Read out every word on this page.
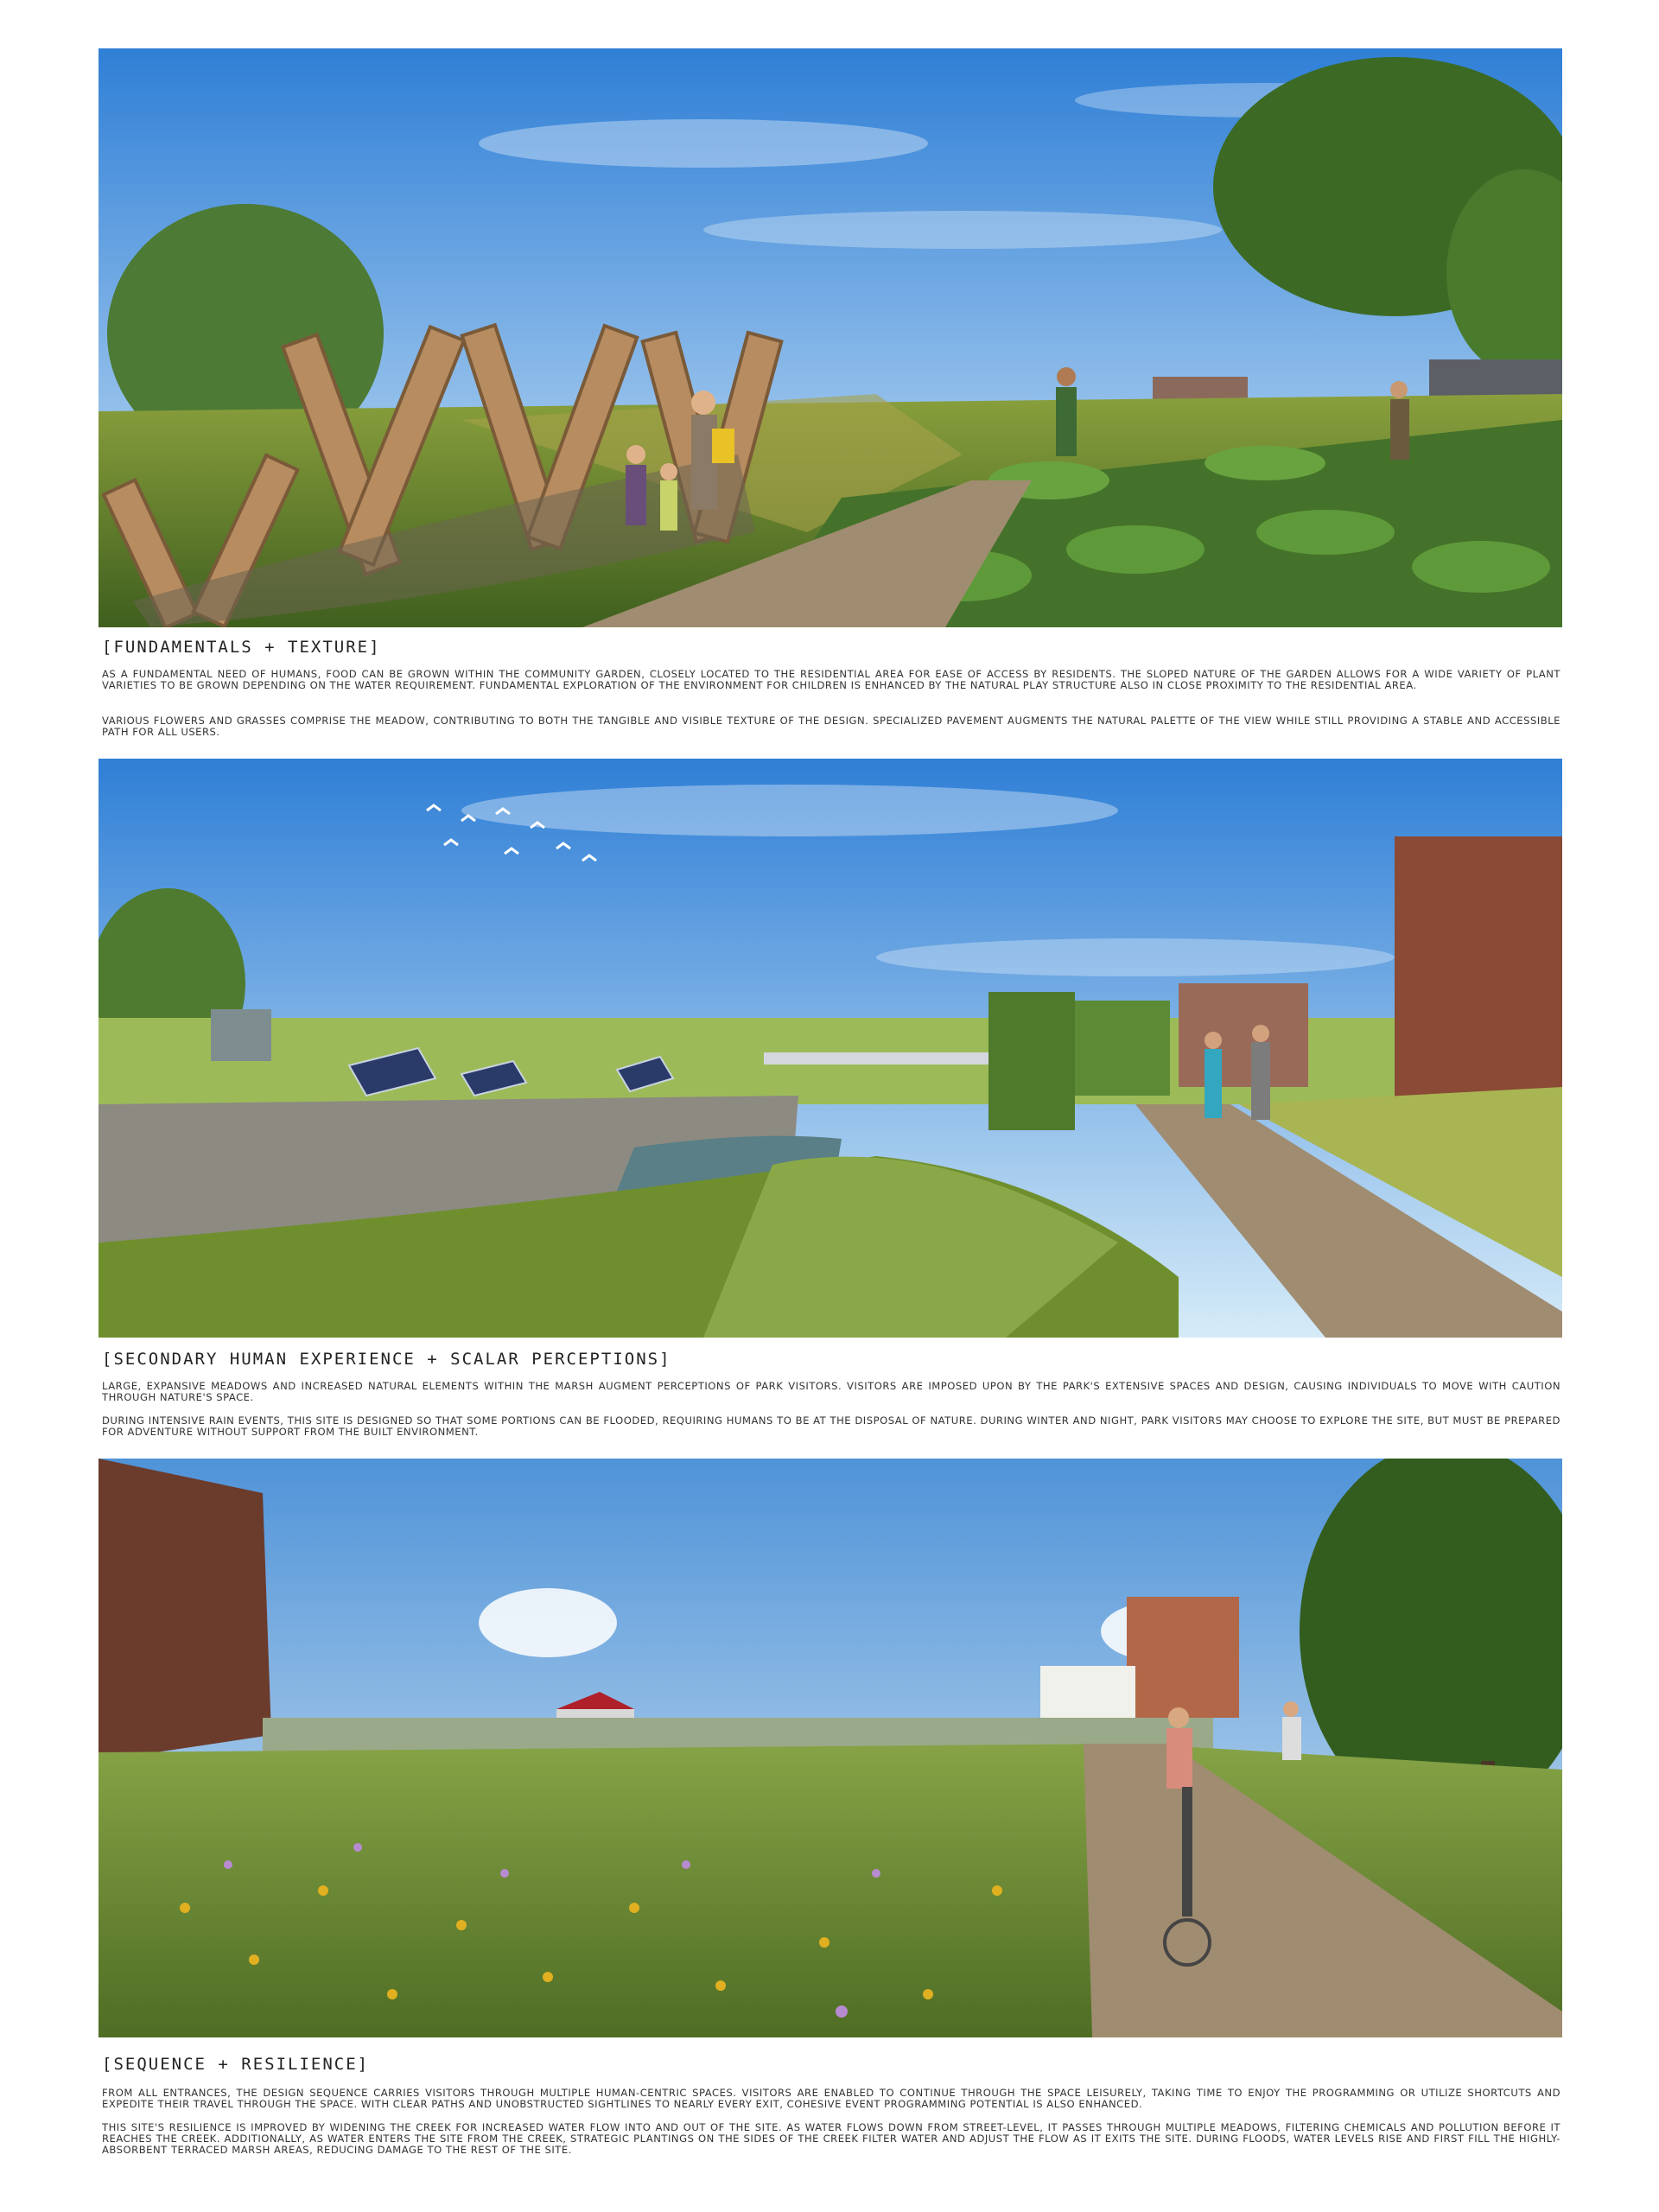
[FUNDAMENTALS + TEXTURE]

AS A FUNDAMENTAL NEED OF HUMANS, FOOD CAN BE GROWN WITHIN THE COMMUNITY GARDEN, CLOSELY LOCATED TO THE RESIDENTIAL AREA FOR EASE OF ACCESS BY RESIDENTS. THE SLOPED NATURE OF THE GARDEN ALLOWS FOR A WIDE VARIETY OF PLANT VARIETIES TO BE GROWN DEPENDING ON THE WATER REQUIREMENT. FUNDAMENTAL EXPLORATION OF THE ENVIRONMENT FOR CHILDREN IS ENHANCED BY THE NATURAL PLAY STRUCTURE ALSO IN CLOSE PROXIMITY TO THE RESIDENTIAL AREA.

VARIOUS FLOWERS AND GRASSES COMPRISE THE MEADOW, CONTRIBUTING TO BOTH THE TANGIBLE AND VISIBLE TEXTURE OF THE DESIGN. SPECIALIZED PAVEMENT AUGMENTS THE NATURAL PALETTE OF THE VIEW WHILE STILL PROVIDING A STABLE AND ACCESSIBLE PATH FOR ALL USERS.

[SECONDARY HUMAN EXPERIENCE + SCALAR PERCEPTIONS]

LARGE, EXPANSIVE MEADOWS AND INCREASED NATURAL ELEMENTS WITHIN THE MARSH AUGMENT PERCEPTIONS OF PARK VISITORS. VISITORS ARE IMPOSED UPON BY THE PARK'S EXTENSIVE SPACES AND DESIGN, CAUSING INDIVIDUALS TO MOVE WITH CAUTION THROUGH NATURE'S SPACE.

DURING INTENSIVE RAIN EVENTS, THIS SITE IS DESIGNED SO THAT SOME PORTIONS CAN BE FLOODED, REQUIRING HUMANS TO BE AT THE DISPOSAL OF NATURE. DURING WINTER AND NIGHT, PARK VISITORS MAY CHOOSE TO EXPLORE THE SITE, BUT MUST BE PREPARED FOR ADVENTURE WITHOUT SUPPORT FROM THE BUILT ENVIRONMENT.

[SEQUENCE + RESILIENCE]

FROM ALL ENTRANCES, THE DESIGN SEQUENCE CARRIES VISITORS THROUGH MULTIPLE HUMAN-CENTRIC SPACES. VISITORS ARE ENABLED TO CONTINUE THROUGH THE SPACE LEISURELY, TAKING TIME TO ENJOY THE PROGRAMMING OR UTILIZE SHORTCUTS AND EXPEDITE THEIR TRAVEL THROUGH THE SPACE. WITH CLEAR PATHS AND UNOBSTRUCTED SIGHTLINES TO NEARLY EVERY EXIT, COHESIVE EVENT PROGRAMMING POTENTIAL IS ALSO ENHANCED.

THIS SITE'S RESILIENCE IS IMPROVED BY WIDENING THE CREEK FOR INCREASED WATER FLOW INTO AND OUT OF THE SITE. AS WATER FLOWS DOWN FROM STREET-LEVEL, IT PASSES THROUGH MULTIPLE MEADOWS, FILTERING CHEMICALS AND POLLUTION BEFORE IT REACHES THE CREEK. ADDITIONALLY, AS WATER ENTERS THE SITE FROM THE CREEK, STRATEGIC PLANTINGS ON THE SIDES OF THE CREEK FILTER WATER AND ADJUST THE FLOW AS IT EXITS THE SITE. DURING FLOODS, WATER LEVELS RISE AND FIRST FILL THE HIGHLY-ABSORBENT TERRACED MARSH AREAS, REDUCING DAMAGE TO THE REST OF THE SITE.
